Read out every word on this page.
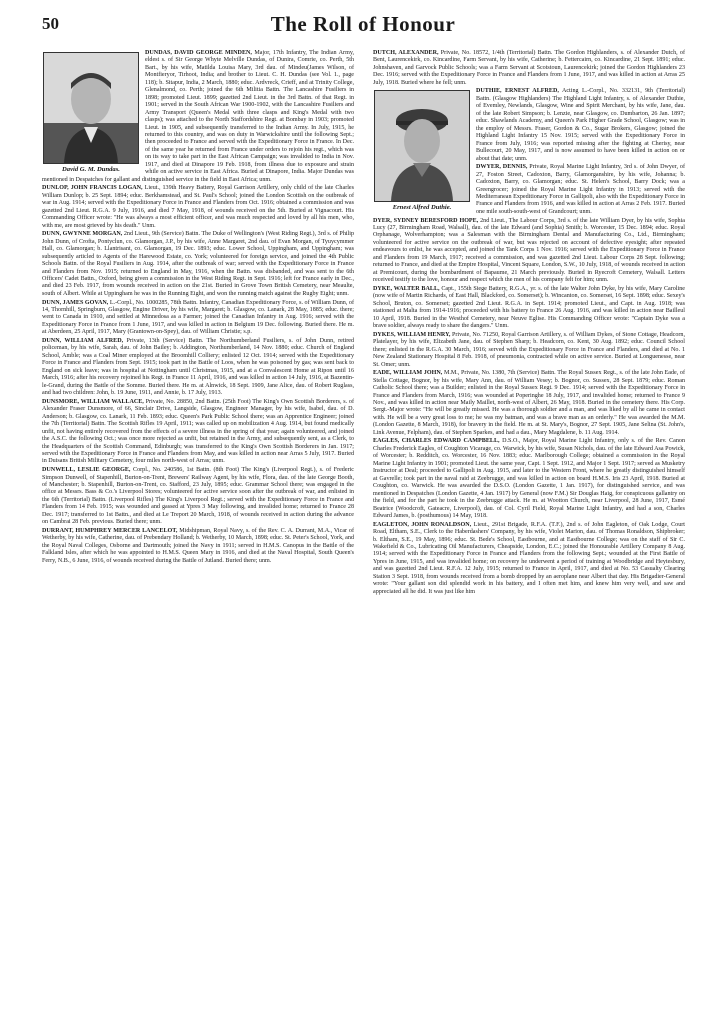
50	The Roll of Honour
David G. M. Dundas.

DUNDAS, DAVID GEORGE MINDEN, Major, 17th Infantry, The Indian Army, eldest s. of Sir George Whyte Melville Dundas, of Dunira, Comrie, co. Perth, 5th Bart., by his wife, Matilda Louisa Mary, 3rd dau. of Mindeu(James Wilson, of Montfieryor, Tirhoot, India; and brother to Lieut. C. H. Dundas (see Vol. 1., page 118); b. Sitapur, India, 2 March, 1880; educ. Ardvreck, Crieff, and at Trinity College, Glenalmond, co. Perth; joined the 6th Militia Battn. The Lancashire Fusiliers in 1898; promoted Lieut. 1899; gazetted 2nd Lieut. in the 3rd Battn. of that Regt. in 1901; served in the South African War 1900-1902, with the Lancashire Fusiliers and Army Transport (Queen's Medal with three clasps and King's Medal with two clasps); was attached to the North Staffordshire Regt. at Bombay in 1903; promoted Lieut. in 1905, and subsequently transferred to the Indian Army. In July, 1915, he returned to this country, and was on duty in Warwickshire until the following Sept.; then proceeded to France and served with the Expeditionary Force in France. In Dec. of the same year he returned from France under orders to rejoin his regt., which was on its way to take part in the East African Campaign; was invalided to India in Nov. 1917, and died at Dinapore 19 Feb. 1918, from illness due to exposure and strain while on active service in East Africa. Buried at Dinapore, India. Major Dundas was mentioned in Despatches for gallant and distinguished service in the field in East Africa; unm.

DUNLOP, JOHN FRANCIS LOGAN, Lieut., 139th Heavy Battery, Royal Garrison Artillery, only child of the late Charles William Dunlop; b. 25 Sept. 1894; educ. Berkhamstead, and St. Paul's School; joined the London Scottish on the outbreak of war in Aug. 1914; served with the Expeditionary Force in France and Flanders from Oct. 1916; obtained a commission and was gazetted 2nd Lieut. R.G.A. 9 July, 1916, and died 7 May, 1918, of wounds received on the 5th. Buried at Vignacourt. His Commanding Officer wrote: "He was always a most efficient officer, and was much respected and loved by all his men, who, with me, are most grieved by his death." Unm.

DUNN, GWYNNE MORGAN, 2nd Lieut., 9th (Service) Battn. The Duke of Wellington's (West Riding Regt.), 3rd s. of Philip John Dunn, of Crofta, Pontyclun, co. Glamorgan, J.P., by his wife, Anne Margaret, 2nd dau. of Evan Morgan, of Tyuycymmer Hall, co. Glamorgan; b. Llantrisant, co. Glamorgan, 19 Dec. 1893; educ. Lower School, Uppingham, and Uppingham; was subsequently articled to Agents of the Harewood Estate, co. York; volunteered for foreign service, and joined the 4th Public Schools Battn. of the Royal Fusiliers in Aug. 1914, after the outbreak of war; served with the Expeditionary Force in France and Flanders from Nov. 1915; returned to England in May, 1916, when the Battn. was disbanded, and was sent to the 6th Officers' Cadet Battn., Oxford, being given a commission in the West Riding Regt. in Sept. 1916; left for France early in Dec., and died 23 Feb. 1917, from wounds received in action on the 21st. Buried in Grove Town British Cemetery, near Meaulte, south of Albert. While at Uppingham he was in the Running Eight, and won the running match against the Rugby Eight; unm.

DUNN, JAMES GOVAN, L.-Corpl., No. 1000285, 78th Battn. Infantry, Canadian Expeditionary Force, s. of William Dunn, of 14, Thornhill, Springburn, Glasgow, Engine Driver, by his wife, Margaret; b. Glasgow, co. Lanark, 28 May, 1885; educ. there; went to Canada in 1910, and settled at Minnedosa as a Farmer; joined the Canadian Infantry in Aug. 1916; served with the Expeditionary Force in France from 1 June, 1917, and was killed in action in Belgium 19 Dec. following. Buried there. He m. at Aberdeen, 25 April, 1917, Mary (Grantown-on-Spey), dau. of William Christie; s.p.

DUNN, WILLIAM ALFRED, Private, 13th (Service) Battn. The Northumberland Fusiliers, s. of John Dunn, retired policeman, by his wife, Sarah, dau. of John Bailey; b. Addington, Northumberland, 14 Nov. 1880; educ. Church of England School, Amble; was a Coal Miner employed at the Broomhill Colliery; enlisted 12 Oct. 1914; served with the Expeditionary Force in France and Flanders from Sept. 1915; took part in the Battle of Loos, when he was poisoned by gas; was sent back to England on sick leave; was in hospital at Nottingham until Christmas, 1915, and at a Convalescent Home at Ripon until 16 March, 1916; after his recovery rejoined his Regt. in France 11 April, 1916, and was killed in action 14 July, 1916, at Bazentin-le-Grand, during the Battle of the Somme. Buried there. He m. at Alnwick, 18 Sept. 1909, Jane Alice, dau. of Robert Ruglass, and had two children: John, b. 19 June, 1911, and Annie, b. 17 July, 1913.

DUNSMORE, WILLIAM WALLACE, Private, No. 28850, 2nd Battn. (25th Foot) The King's Own Scottish Borderers, s. of Alexander Fraser Dunsmore, of 66, Sinclair Drive, Langside, Glasgow, Engineer Manager, by his wife, Isabel, dau. of D. Anderson; b. Glasgow, co. Lanark, 11 Feb. 1893; educ. Queen's Park Public School there; was an Apprentice Engineer; joined the 7th (Territorial) Battn. The Scottish Rifles 19 April, 1911; was called up on mobilization 4 Aug. 1914, but found medically unfit, not having entirely recovered from the effects of a severe illness in the spring of that year; again volunteered, and joined the A.S.C. the following Oct.; was once more rejected as unfit, but retained in the Army, and subsequently sent, as a Clerk, to the Headquarters of the Scottish Command, Edinburgh; was transferred to the King's Own Scottish Borderers in Jan. 1917; served with the Expeditionary Force in France and Flanders from May, and was killed in action near Arras 5 July, 1917. Buried in Duisans British Military Cemetery, four miles north-west of Arras; unm.

DUNWELL, LESLIE GEORGE, Corpl., No. 240586, 1st Battn. (8th Foot) The King's (Liverpool Regt.), s. of Frederic Simpson Dunwell, of Stapenhill, Burton-on-Trent, Brewers' Railway Agent, by his wife, Flora, dau. of the late George Booth, of Manchester; b. Stapenhill, Burton-on-Trent, co. Stafford, 23 July, 1895; educ. Grammar School there; was engaged in the office at Messrs. Bass & Co.'s Liverpool Stores; volunteered for active service soon after the outbreak of war, and enlisted in the 6th (Territorial) Battn. (Liverpool Rifles) The King's Liverpool Regt.; served with the Expeditionary Force in France and Flanders from 14 Feb. 1915; was wounded and gassed at Ypres 3 May following, and invalided home; returned to France 28 Dec. 1917; transferred to 1st Battn., and died at Le Treport 20 March, 1918, of wounds received in action during the advance on Cambrai 28 Feb. previous. Buried there; unm.

DURRANT, HUMPHREY MERCER LANCELOT, Midshipman, Royal Navy, s. of the Rev. C. A. Durrant, M.A., Vicar of Wetherby, by his wife, Catherine, dau. of Prebendary Holland; b. Wetherby, 10 March, 1898; educ. St. Peter's School, York, and the Royal Naval Colleges, Osborne and Dartmouth; joined the Navy in 1911; served in H.M.S. Canopus in the Battle of the Falkland Isles, after which he was appointed to H.M.S. Queen Mary in 1916, and died at the Naval Hospital, South Queen's Ferry, N.B., 6 June, 1916, of wounds received during the Battle of Jutland. Buried there; unm.

DUTCH, ALEXANDER, Private, No. 18572, 1/4th (Territorial) Battn. The Gordon Highlanders, s. of Alexander Dutch, of Bent, Laurencekirk, co. Kincardine, Farm Servant, by his wife, Catherine; b. Fettercairn, co. Kincardine, 21 Sept. 1891; educ. Johnshaven, and Garvock Public Schools; was a Farm Servant at Scotstoun, Laurencekirk; joined the Gordon Highlanders 23 Dec. 1916; served with the Expeditionary Force in France and Flanders from 1 June, 1917, and was killed in action at Arras 25 July, 1918. Buried where he fell; unm.

Ernest Alfred Duthie.

DUTHIE, ERNEST ALFRED, Acting L.-Corpl., No. 332131, 9th (Territorial) Battn. (Glasgow Highlanders) The Highland Light Infantry, s. of Alexander Duthie, of Evemley, Newlands, Glasgow, Wine and Spirit Merchant, by his wife, Jane, dau. of the late Robert Simpson; b. Lenzie, near Glasgow, co. Dumbarton, 26 Jan. 1897; educ. Shawlands Academy, and Queen's Park Higher Grade School, Glasgow; was in the employ of Messrs. Fraser, Gordon & Co., Sugar Brokers, Glasgow; joined the Highland Light Infantry 15 Nov. 1915; served with the Expeditionary Force in France from July, 1916; was reported missing after the fighting at Cherisy, near Bullecourt, 20 May, 1917, and is now assumed to have been killed in action on or about that date; unm.

DWYER, DENNIS, Private, Royal Marine Light Infantry, 3rd s. of John Dwyer, of 27, Foston Street, Cadoxton, Barry, Glamorganshire, by his wife, Johanna; b. Cadoxton, Barry, co. Glamorgan; educ. St. Helen's School, Barry Dock; was a Greengrocer; joined the Royal Marine Light Infantry in 1913; served with the Mediterranean Expeditionary Force in Gallipoli, also with the Expeditionary Force in France and Flanders from 1916, and was killed in action at Arras 2 Feb. 1917. Buried one mile south-south-west of Grandcourt; unm.

DYER, SYDNEY BERESFORD HOPE, 2nd Lieut., The Labour Corps, 3rd s. of the late William Dyer, by his wife, Sophia Lucy (27, Birmingham Road, Walsall), dau. of the late Edward (and Sophia) Smith; b. Worcester, 15 Dec. 1894; educ. Royal Orphanage, Wolverhampton; was a Salesman with the Birmingham Dental and Manufacturing Co., Ltd., Birmingham; volunteered for active service on the outbreak of war, but was rejected on account of defective eyesight; after repeated endeavours to enlist, he was accepted, and joined the Tank Corps 1 Nov. 1916; served with the Expeditionary Force in France and Flanders from 19 March, 1917; received a commission, and was gazetted 2nd Lieut. Labour Corps 28 Sept. following; returned to France, and died at the Empire Hospital, Vincent Square, London, S.W., 10 July, 1918, of wounds received in action at Premicourt, during the bombardment of Bapaume, 21 March previously. Buried in Ryecroft Cemetery, Walsall. Letters received testify to the love, honour and respect which the men of his company felt for him; unm.

DYKE, WALTER BALL, Capt., 155th Siege Battery, R.G.A., yr. s. of the late Walter John Dyke, by his wife, Mary Caroline (now wife of Martin Richards, of East Hall, Blackford, co. Somerset); b. Wincanton, co. Somerset, 16 Sept. 1898; educ. Sexey's School, Bruton, co. Somerset; gazetted 2nd Lieut. R.G.A. in Sept. 1914; promoted Lieut., and Capt. in Aug. 1918; was stationed at Malta from 1914-1916; proceeded with his battery to France 26 Aug. 1916, and was killed in action near Bailleul 10 April, 1918. Buried in the Westhof Cemetery, near Neuve Eglise. His Commanding Officer wrote: "Captain Dyke was a brave soldier, always ready to share the dangers." Unm.

DYKES, WILLIAM HENRY, Private, No. 71250, Royal Garrison Artillery, s. of William Dykes, of Stone Cottage, Headcorn, Platelayer, by his wife, Elizabeth Jane, dau. of Stephen Sharp; b. Headcorn, co. Kent, 30 Aug. 1892; educ. Council School there; enlisted in the R.G.A. 30 March, 1916; served with the Expeditionary Force in France and Flanders, and died at No. 1 New Zealand Stationary Hospital 8 Feb. 1918, of pneumonia, contracted while on active service. Buried at Longuenesse, near St. Omer; unm.

EADE, WILLIAM JOHN, M.M., Private, No. 1380, 7th (Service) Battn. The Royal Sussex Regt., s. of the late John Eade, of Stella Cottage, Bognor, by his wife, Mary Ann, dau. of William Vesey; b. Bognor, co. Sussex, 28 Sept. 1879; educ. Roman Catholic School there; was a Builder; enlisted in the Royal Sussex Regt. 9 Dec. 1914; served with the Expeditionary Force in France and Flanders from March, 1916; was wounded at Poperinghe 18 July, 1917, and invalided home; returned to France 9 Nov., and was killed in action near Maily Maillet, north-west of Albert, 26 May, 1918. Buried in the cemetery there. His Corp. Sergt.-Major wrote: "He will be greatly missed. He was a thorough soldier and a man, and was liked by all he came in contact with. He will be a very great loss to me; he was my batman, and was a brave man as an orderly." He was awarded the M.M. (London Gazette, 8 March, 1918), for bravery in the field. He m. at St. Mary's, Bognor, 27 Sept. 1905, Jane Selina (St. John's, Link Avenue, Felpham), dau. of Stephen Sparkes, and had a dau., Mary Magdalene, b. 11 Aug. 1914.

EAGLES, CHARLES EDWARD CAMPBELL, D.S.O., Major, Royal Marine Light Infantry, only s. of the Rev. Canon Charles Frederick Eagles, of Coughton Vicarage, co. Warwick, by his wife, Susan Nichols, dau. of the late Edward Asa Powick, of Worcester; b. Redditch, co. Worcester, 16 Nov. 1883; educ. Marlborough College; obtained a commission in the Royal Marine Light Infantry in 1901; promoted Lieut. the same year, Capt. 1 Sept. 1912, and Major 1 Sept. 1917; served as Musketry Instructor at Deal; proceeded to Gallipoli in Aug. 1915, and later to the Western Front, where he greatly distinguished himself at Gavrelle; took part in the naval raid at Zeebrugge, and was killed in action on board H.M.S. Iris 23 April, 1918. Buried at Coughton, co. Warwick. He was awarded the D.S.O. (London Gazette, 1 Jan. 1917), for distinguished service, and was mentioned in Despatches (London Gazette, 4 Jan. 1917) by General (now F.M.) Sir Douglas Haig, for conspicuous gallantry on the field, and for the part he took in the Zeebrugge attack. He m. at Wootton Church, near Liverpool, 28 June, 1917, Esmé Beatrice (Woodcroft, Gateacre, Liverpool), dau. of Col. Cyril Field, Royal Marine Light Infantry, and had a son, Charles Edward James, b. (posthumous) 14 May, 1918.

EAGLETON, JOHN RONALDSON, Lieut., 291st Brigade, R.F.A. (T.F.), 2nd s. of John Eagleton, of Oak Lodge, Court Road, Eltham, S.E., Clerk to the Haberdashers' Company, by his wife, Violet Marion, dau. of Thomas Ronaldson, Shipbroker; b. Eltham, S.E., 19 May, 1896; educ. St. Bede's School, Eastbourne, and at Eastbourne College; was on the staff of Sir C. Wakefield & Co., Lubricating Oil Manufacturers, Cheapside, London, E.C.; joined the Honourable Artillery Company 8 Aug. 1914; served with the Expeditionary Force in France and Flanders from the following Sept.; wounded at the First Battle of Ypres in June, 1915, and was invalided home; on recovery he underwent a period of training at Woodbridge and Heytesbury, and was gazetted 2nd Lieut. R.F.A. 12 July, 1915; returned to France in April, 1917, and died at No. 53 Casualty Clearing Station 3 Sept. 1918, from wounds received from a bomb dropped by an aeroplane near Albert that day. His Brigadier-General wrote: "Your gallant son did splendid work in his battery, and I often met him, and knew him very well, and saw and appreciated all he did. It was just like him
